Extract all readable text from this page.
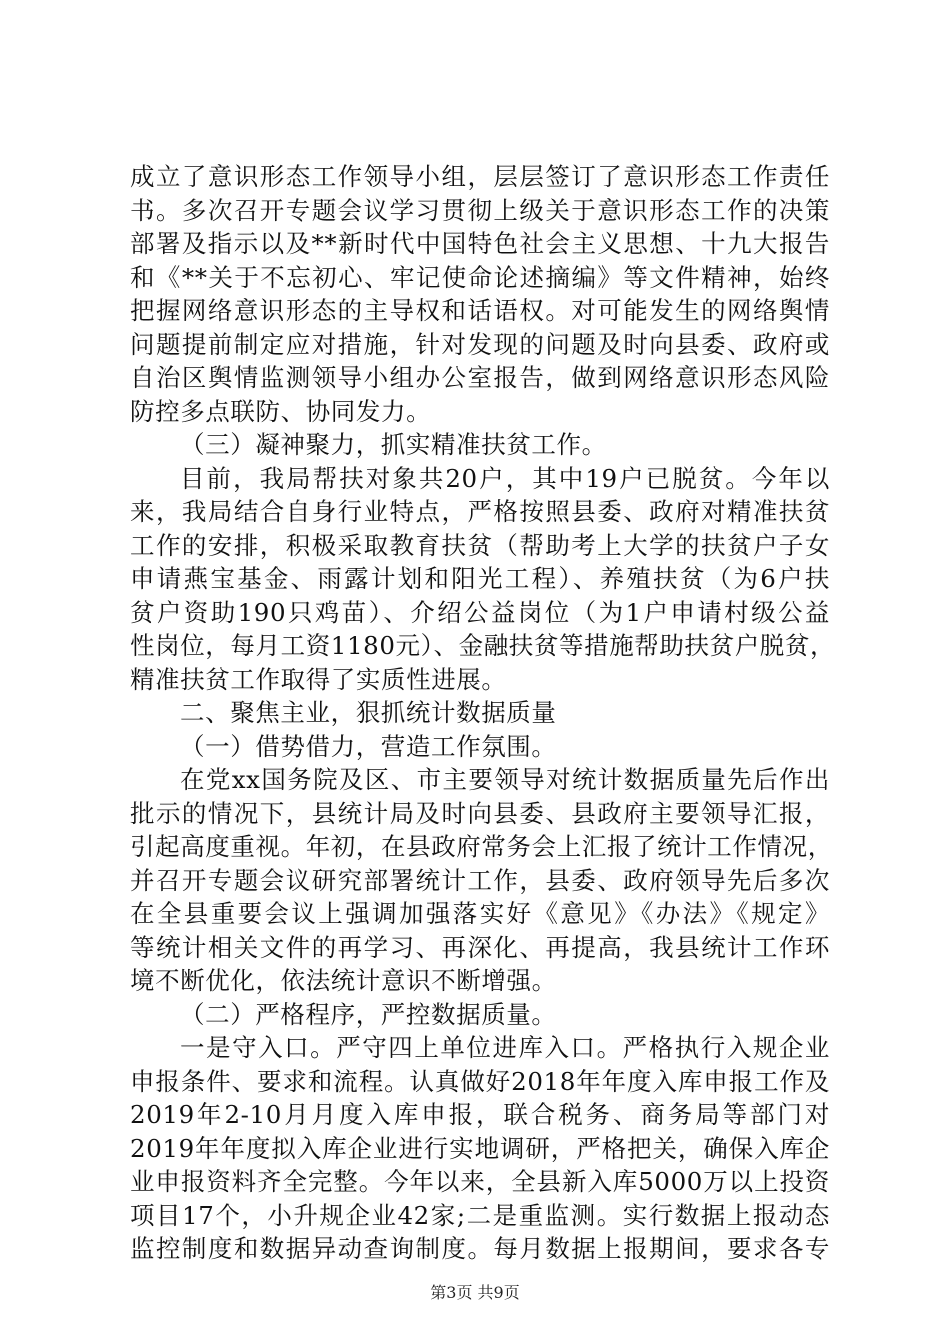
成立了意识形态工作领导小组，层层签订了意识形态工作责任
书。多次召开专题会议学习贯彻上级关于意识形态工作的决策
部署及指示以及**新时代中国特色社会主义思想、十九大报告
和《**关于不忘初心、牢记使命论述摘编》等文件精神，始终
把握网络意识形态的主导权和话语权。对可能发生的网络舆情
问题提前制定应对措施，针对发现的问题及时向县委、政府或
自治区舆情监测领导小组办公室报告，做到网络意识形态风险
防控多点联防、协同发力。
（三）凝神聚力，抓实精准扶贫工作。
目前，我局帮扶对象共20户，其中19户已脱贫。今年以
来，我局结合自身行业特点，严格按照县委、政府对精准扶贫
工作的安排，积极采取教育扶贫（帮助考上大学的扶贫户子女
申请燕宝基金、雨露计划和阳光工程）、养殖扶贫（为6户扶
贫户资助190只鸡苗）、介绍公益岗位（为1户申请村级公益
性岗位，每月工资1180元）、金融扶贫等措施帮助扶贫户脱贫，
精准扶贫工作取得了实质性进展。
二、聚焦主业，狠抓统计数据质量
（一）借势借力，营造工作氛围。
在党xx国务院及区、市主要领导对统计数据质量先后作出
批示的情况下，县统计局及时向县委、县政府主要领导汇报，
引起高度重视。年初，在县政府常务会上汇报了统计工作情况，
并召开专题会议研究部署统计工作，县委、政府领导先后多次
在全县重要会议上强调加强落实好《意见》《办法》《规定》
等统计相关文件的再学习、再深化、再提高，我县统计工作环
境不断优化，依法统计意识不断增强。
（二）严格程序，严控数据质量。
一是守入口。严守四上单位进库入口。严格执行入规企业
申报条件、要求和流程。认真做好2018年年度入库申报工作及
2019年2-10月月度入库申报，联合税务、商务局等部门对
2019年年度拟入库企业进行实地调研，严格把关，确保入库企
业申报资料齐全完整。今年以来，全县新入库5000万以上投资
项目17个，小升规企业42家;二是重监测。实行数据上报动态
监控制度和数据异动查询制度。每月数据上报期间，要求各专
第3页 共9页
